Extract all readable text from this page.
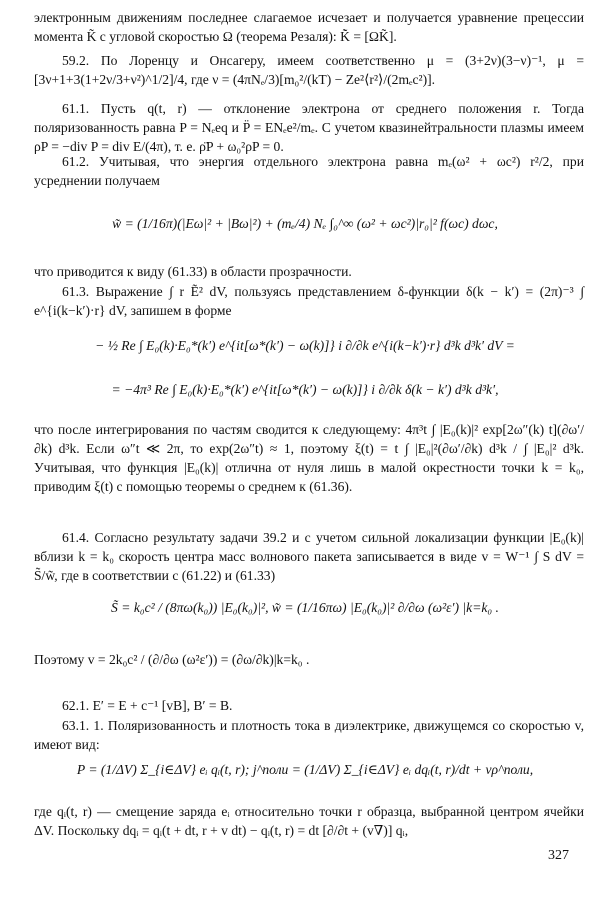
электронным движениям последнее слагаемое исчезает и получается уравнение прецессии момента K̃ с угловой скоростью Ω (теорема Резаля): K̃̇ = [ΩK̃].

59.2. По Лоренцу и Онсагеру, имеем соответственно μ = (3+2ν)(3−ν)⁻¹, μ = [3ν+1+3(1+2ν/3+ν²)^1/2]/4, где ν = (4πNₑ/3)[m₀²/(kT) − Ze²⟨r²⟩/(2mₑc²)].

61.1. Пусть q(t, r) — отклонение электрона от среднего положения r. Тогда поляризованность равна P = Nₑeq и P̈ = ENₑe²/mₑ. С учетом квазинейтральности плазмы имеем ρP = −div P = div E/(4π), т. е. ρ̈P + ω₀²ρP = 0.

61.2. Учитывая, что энергия отдельного электрона равна mₑ(ω² + ωc²) r²/2, при усреднении получаем

w̃ = (1/16π)(|Eω|² + |Bω|²) + (mₑ/4) Nₑ ∫₀^∞ (ω² + ωc²)|r₀|² f(ωc) dωc,

что приводится к виду (61.33) в области прозрачности.

61.3. Выражение ∫ r Ẽ² dV, пользуясь представлением δ-функции δ(k − k′) = (2π)⁻³ ∫ e^{i(k−k′)·r} dV, запишем в форме

− ½ Re ∫ E₀(k)·E₀*(k′) e^{it[ω*(k′) − ω(k)]} i ∂/∂k e^{i(k−k′)·r} d³k d³k′ dV =

= −4π³ Re ∫ E₀(k)·E₀*(k′) e^{it[ω*(k′) − ω(k)]} i ∂/∂k δ(k − k′) d³k d³k′,

что после интегрирования по частям сводится к следующему: 4π³t ∫ |E₀(k)|² exp[2ω″(k) t](∂ω′/∂k) d³k. Если ω″t ≪ 2π, то exp(2ω″t) ≈ 1, поэтому ξ(t) = t ∫ |E₀|²(∂ω′/∂k) d³k / ∫ |E₀|² d³k. Учитывая, что функция |E₀(k)| отлична от нуля лишь в малой окрестности точки k = k₀, приводим ξ(t) с помощью теоремы о среднем к (61.36).

61.4. Согласно результату задачи 39.2 и с учетом сильной локализации функции |E₀(k)| вблизи k = k₀ скорость центра масс волнового пакета записывается в виде v = W⁻¹ ∫ S dV = S̃/w̃, где в соответствии с (61.22) и (61.33)

S̃ = k₀c² / (8πω(k₀)) |E₀(k₀)|², w̃ = (1/16πω) |E₀(k₀)|² ∂/∂ω (ω²ε′) |k=k₀ .

Поэтому v = 2k₀c² / (∂/∂ω (ω²ε′)) = (∂ω/∂k)|k=k₀ .

62.1. E′ = E + c⁻¹ [vB], B′ = B.

63.1. 1. Поляризованность и плотность тока в диэлектрике, движущемся со скоростью v, имеют вид:

P = (1/ΔV) Σ_{i∈ΔV} eᵢ qᵢ(t, r); j^поли = (1/ΔV) Σ_{i∈ΔV} eᵢ dqᵢ(t, r)/dt + vρ^поли,

где qᵢ(t, r) — смещение заряда eᵢ относительно точки r образца, выбранной центром ячейки ΔV. Поскольку dqᵢ = qᵢ(t + dt, r + v dt) − qᵢ(t, r) = dt [∂/∂t + (v∇)] qᵢ,

327
